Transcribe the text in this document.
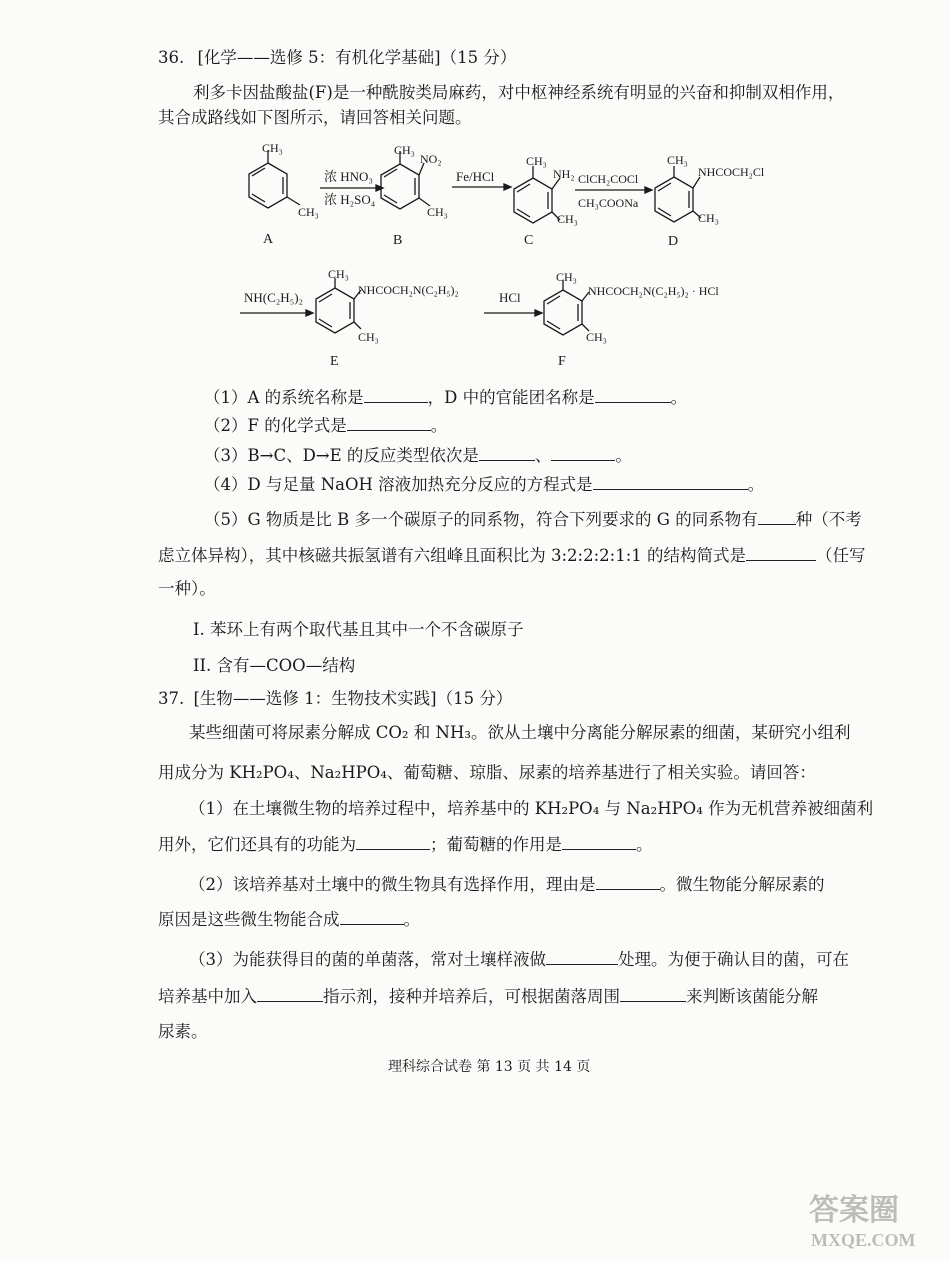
36. [化学——选修 5：有机化学基础]（15 分）
利多卡因盐酸盐(F)是一种酰胺类局麻药，对中枢神经系统有明显的兴奋和抑制双相作用，
其合成路线如下图所示，请回答相关问题。
CH₃
CH₃
A
浓 HNO₃
浓 H₂SO₄
CH₃
NO₂
CH₃
B
Fe/HCl
CH₃
NH₂
CH₃
C
ClCH₂COCl
CH₃COONa
CH₃
NHCOCH₂Cl
CH₃
D
NH(C₂H₅)₂
CH₃
NHCOCH₂N(C₂H₅)₂
CH₃
E
HCl
CH₃
NHCOCH₂N(C₂H₅)₂ · HCl
CH₃
F
（1）A 的系统名称是	，D 中的官能团名称是	。
（2）F 的化学式是	。
（3）B→C、D→E 的反应类型依次是	、	。
（4）D 与足量 NaOH 溶液加热充分反应的方程式是	。
（5）G 物质是比 B 多一个碳原子的同系物，符合下列要求的 G 的同系物有 种（不考
虑立体异构），其中核磁共振氢谱有六组峰且面积比为 3:2:2:2:1:1 的结构简式是	（任写
一种）。
I. 苯环上有两个取代基且其中一个不含碳原子
II. 含有—COO—结构
37. [生物——选修 1：生物技术实践]（15 分）
某些细菌可将尿素分解成 CO₂ 和 NH₃。欲从土壤中分离能分解尿素的细菌，某研究小组利
用成分为 KH₂PO₄、Na₂HPO₄、葡萄糖、琼脂、尿素的培养基进行了相关实验。请回答：
（1）在土壤微生物的培养过程中，培养基中的 KH₂PO₄ 与 Na₂HPO₄ 作为无机营养被细菌利
用外，它们还具有的功能为	；葡萄糖的作用是	。
（2）该培养基对土壤中的微生物具有选择作用，理由是	。微生物能分解尿素的
原因是这些微生物能合成	。
（3）为能获得目的菌的单菌落，常对土壤样液做	处理。为便于确认目的菌，可在
培养基中加入	指示剂，接种并培养后，可根据菌落周围	来判断该菌能分解
尿素。
理科综合试卷 第 13 页 共 14 页
答案圈
MXQE.COM
